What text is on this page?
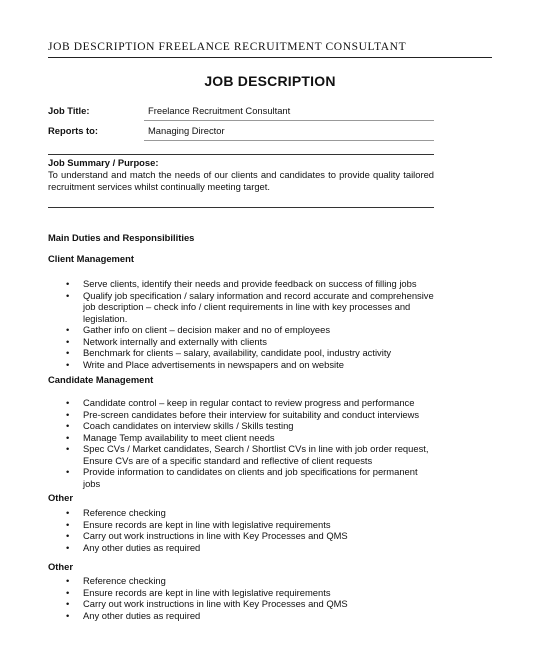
JOB DESCRIPTION FREELANCE RECRUITMENT CONSULTANT
JOB DESCRIPTION
Job Title:	Freelance Recruitment Consultant
Reports to:	Managing Director
Job Summary / Purpose:
To understand and match the needs of our clients and candidates to provide quality tailored recruitment services whilst continually meeting target.
Main Duties and Responsibilities
Client Management
• Serve clients, identify their needs and provide feedback on success of filling jobs
• Qualify job specification / salary information and record accurate and comprehensive job description – check info / client requirements in line with key processes and legislation.
• Gather info on client – decision maker and no of employees
• Network internally and externally with clients
• Benchmark for clients – salary, availability, candidate pool, industry activity
• Write and Place advertisements in newspapers and on website
Candidate Management
• Candidate control – keep in regular contact to review progress and performance
• Pre-screen candidates before their interview for suitability and conduct interviews
• Coach candidates on interview skills / Skills testing
• Manage Temp availability to meet client needs
• Spec CVs / Market candidates, Search / Shortlist CVs in line with job order request, Ensure CVs are of a specific standard and reflective of client requests
• Provide information to candidates on clients and job specifications for permanent jobs
Other
• Reference checking
• Ensure records are kept in line with legislative requirements
• Carry out work instructions in line with Key Processes and QMS
• Any other duties as required
Other
• Reference checking
• Ensure records are kept in line with legislative requirements
• Carry out work instructions in line with Key Processes and QMS
• Any other duties as required
